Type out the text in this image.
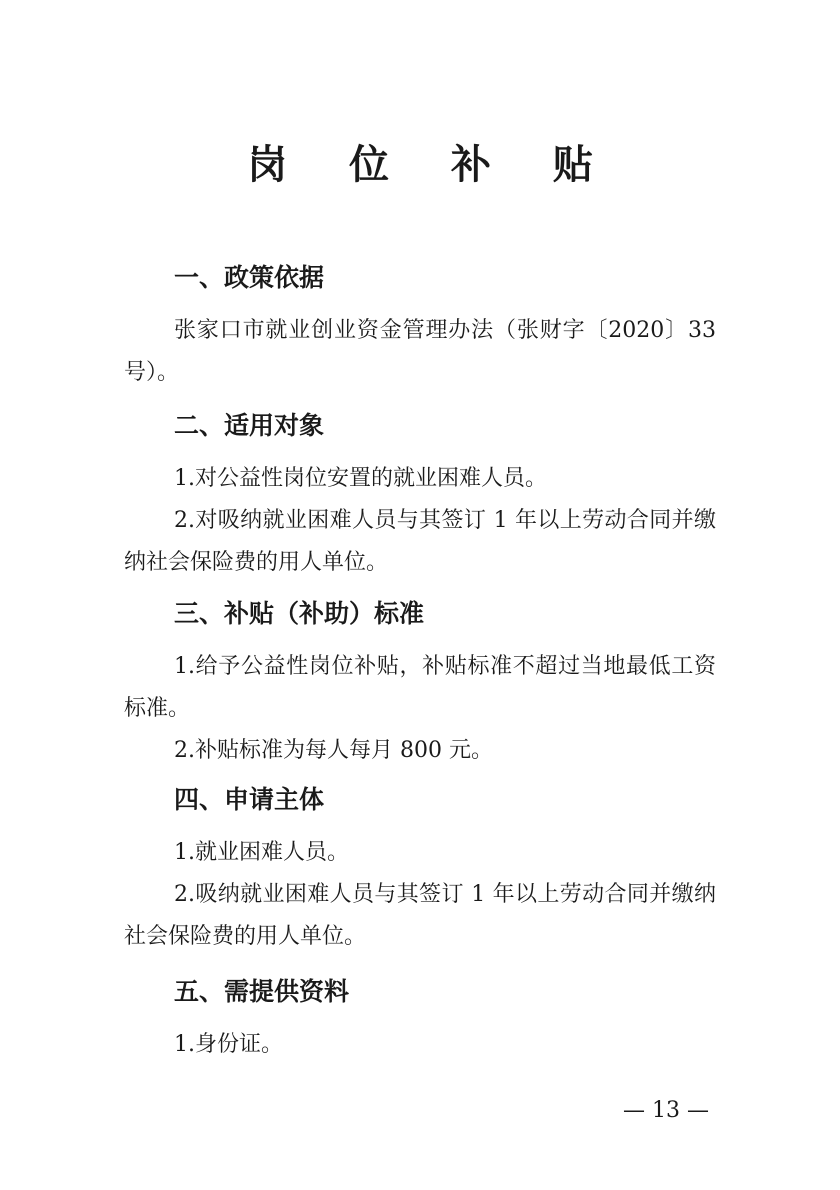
岗 位 补 贴
一、政策依据
张家口市就业创业资金管理办法（张财字〔2020〕33号）。
二、适用对象
1.对公益性岗位安置的就业困难人员。
2.对吸纳就业困难人员与其签订 1 年以上劳动合同并缴纳社会保险费的用人单位。
三、补贴（补助）标准
1.给予公益性岗位补贴，补贴标准不超过当地最低工资标准。
2.补贴标准为每人每月 800 元。
四、申请主体
1.就业困难人员。
2.吸纳就业困难人员与其签订 1 年以上劳动合同并缴纳社会保险费的用人单位。
五、需提供资料
1.身份证。
— 13 —
